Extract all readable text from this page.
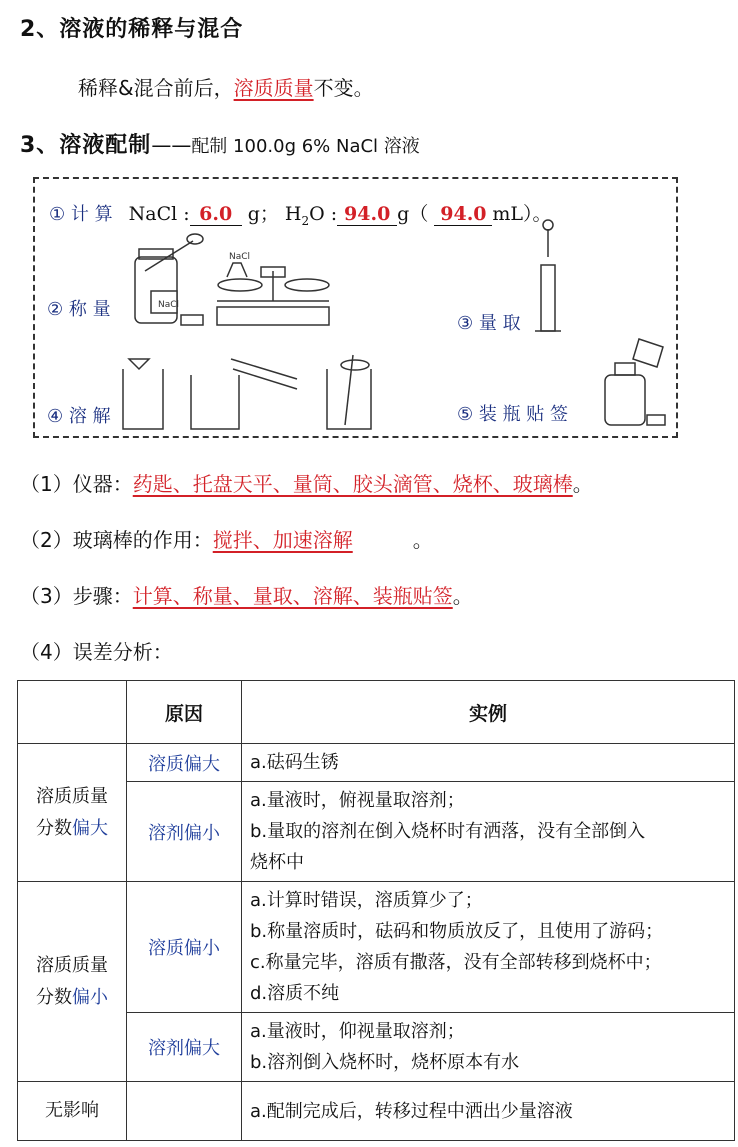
2、溶液的稀释与混合
稀释&混合前后，溶质质量不变。
3、溶液配制——配制 100.0g 6% NaCl 溶液
① 计 算 NaCl : 6.0 g； $H_2O$ : 94.0 g（ 94.0 mL）。
② 称 量
③ 量 取
④ 溶 解	⑤ 装 瓶 贴 签
NaCl
NaCl
（1）仪器：药匙、托盘天平、量筒、胶头滴管、烧杯、玻璃棒。
（2）玻璃棒的作用：搅拌、加速溶解	。
（3）步骤：计算、称量、量取、溶解、装瓶贴签。
（4）误差分析：
	原因	实例
溶质质量
分数偏大	溶质偏大	a.砝码生锈
	溶剂偏小	a.量液时，俯视量取溶剂；
b.量取的溶剂在倒入烧杯时有洒落，没有全部倒入
烧杯中
溶质质量
分数偏小	溶质偏小	a.计算时错误，溶质算少了；
b.称量溶质时，砝码和物质放反了，且使用了游码；
c.称量完毕，溶质有撒落，没有全部转移到烧杯中；
d.溶质不纯
	溶剂偏大	a.量液时，仰视量取溶剂；
b.溶剂倒入烧杯时，烧杯原本有水
无影响		a.配制完成后，转移过程中洒出少量溶液
